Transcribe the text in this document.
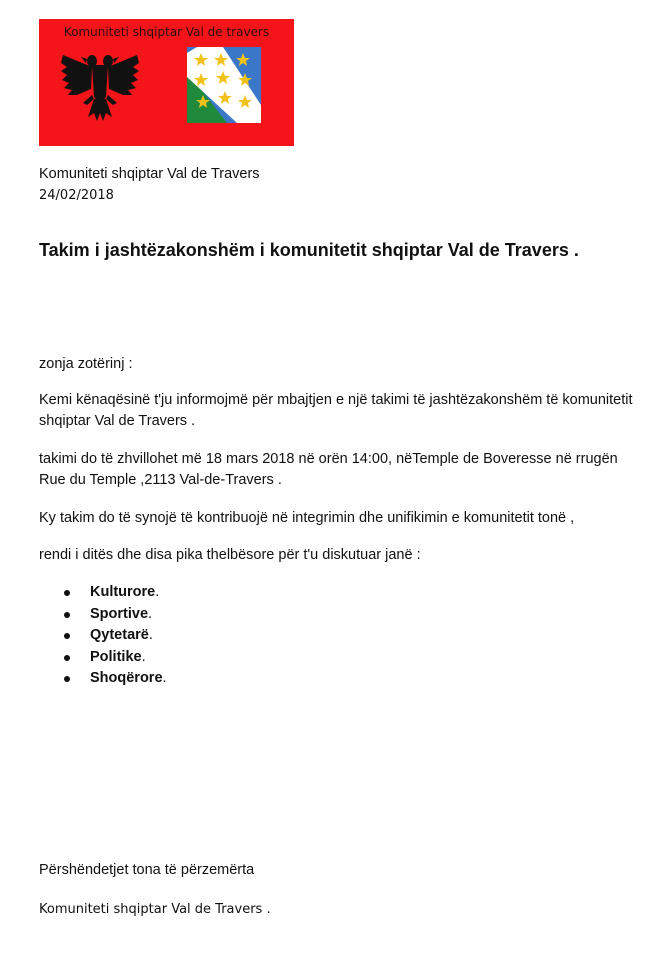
Komuniteti shqiptar Val de travers
Komuniteti shqiptar Val de Travers
24/02/2018
Takim i jashtëzakonshëm i komunitetit shqiptar Val de Travers .
zonja zotërinj :
Kemi kënaqësinë t'ju informojmë për mbajtjen e një takimi të jashtëzakonshëm të komunitetit shqiptar Val de Travers .
takimi do të zhvillohet më 18 mars 2018 në orën 14:00, nëTemple de Boveresse në rrugën Rue du Temple ,2113 Val-de-Travers .
Ky takim do të synojë të kontribuojë në integrimin dhe unifikimin e komunitetit tonë ,
rendi i ditës dhe disa pika thelbësore për t'u diskutuar janë :
Kulturore.
Sportive.
Qytetarë.
Politike.
Shoqërore.
Përshëndetjet tona të përzemërta
Komuniteti shqiptar Val de Travers .
